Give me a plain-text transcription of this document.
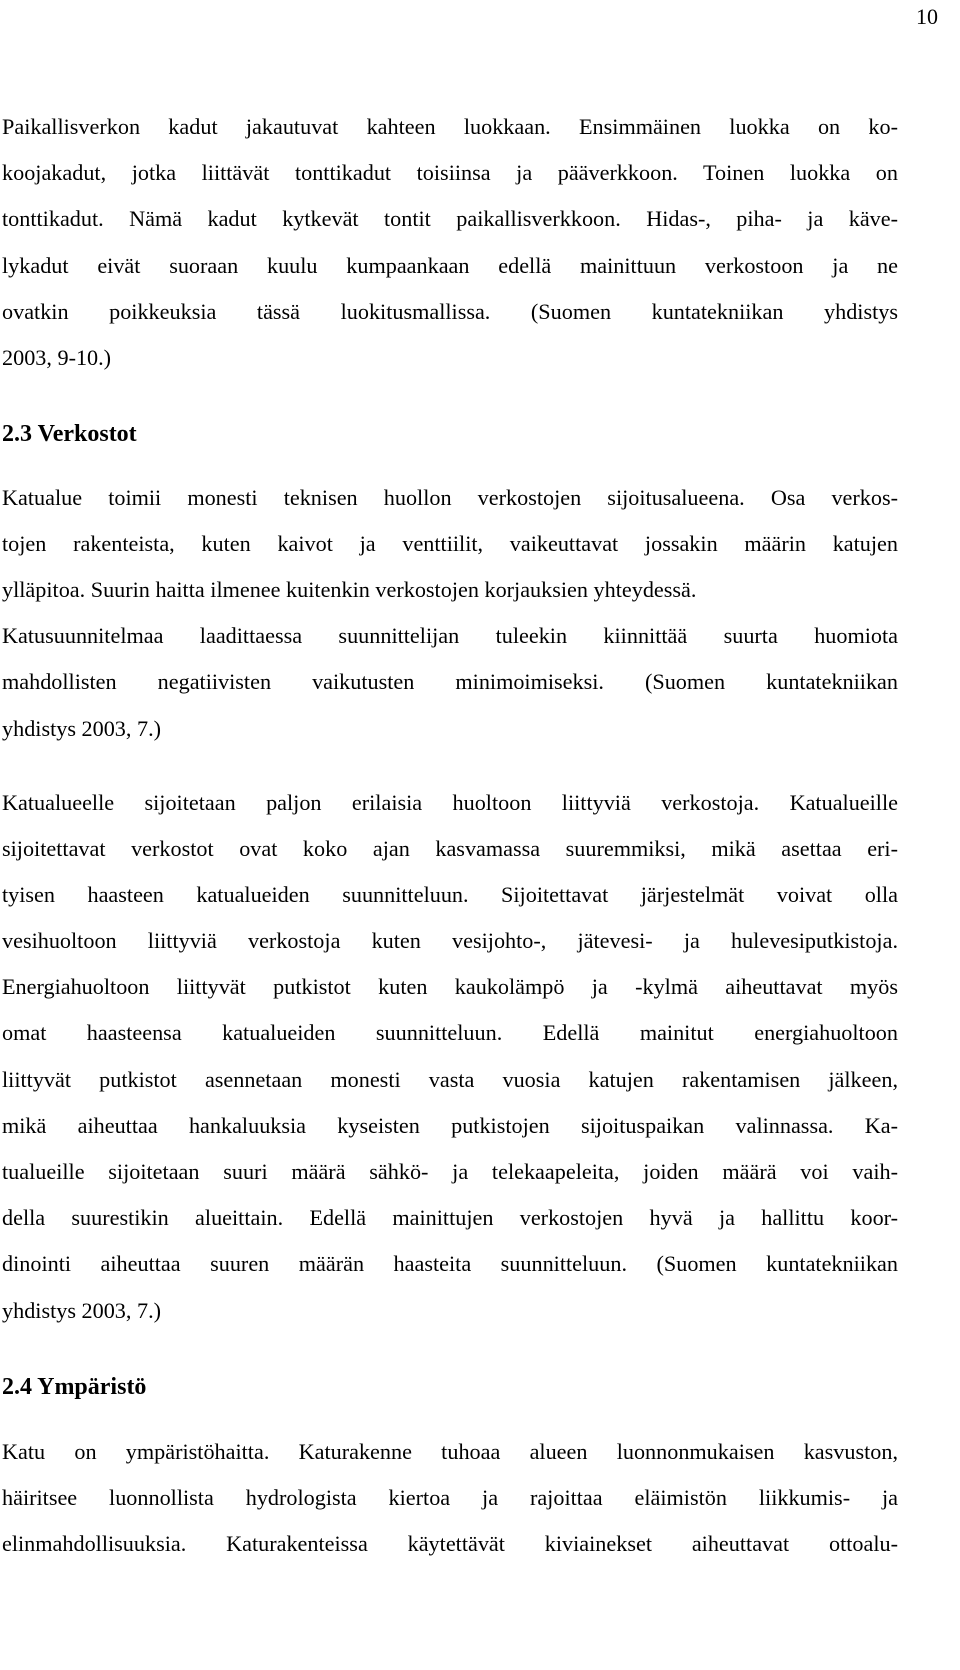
10
Paikallisverkon kadut jakautuvat kahteen luokkaan. Ensimmäinen luokka on ko-
koojakadut, jotka liittävät tonttikadut toisiinsa ja pääverkkoon. Toinen luokka on
tonttikadut. Nämä kadut kytkevät tontit paikallisverkkoon. Hidas-, piha- ja käve-
lykadut eivät suoraan kuulu kumpaankaan edellä mainittuun verkostoon ja ne
ovatkin poikkeuksia tässä luokitusmallissa. (Suomen kuntatekniikan yhdistys
2003, 9-10.)
2.3 Verkostot
Katualue toimii monesti teknisen huollon verkostojen sijoitusalueena. Osa verkos-
tojen rakenteista, kuten kaivot ja venttiilit, vaikeuttavat jossakin määrin katujen
ylläpitoa. Suurin haitta ilmenee kuitenkin verkostojen korjauksien yhteydessä.
Katusuunnitelmaa laadittaessa suunnittelijan tuleekin kiinnittää suurta huomiota
mahdollisten negatiivisten vaikutusten minimoimiseksi. (Suomen kuntatekniikan
yhdistys 2003, 7.)
Katualueelle sijoitetaan paljon erilaisia huoltoon liittyviä verkostoja. Katualueille
sijoitettavat verkostot ovat koko ajan kasvamassa suuremmiksi, mikä asettaa eri-
tyisen haasteen katualueiden suunnitteluun. Sijoitettavat järjestelmät voivat olla
vesihuoltoon liittyviä verkostoja kuten vesijohto-, jätevesi- ja hulevesiputkistoja.
Energiahuoltoon liittyvät putkistot kuten kaukolämpö ja -kylmä aiheuttavat myös
omat haasteensa katualueiden suunnitteluun. Edellä mainitut energiahuoltoon
liittyvät putkistot asennetaan monesti vasta vuosia katujen rakentamisen jälkeen,
mikä aiheuttaa hankaluuksia kyseisten putkistojen sijoituspaikan valinnassa. Ka-
tualueille sijoitetaan suuri määrä sähkö- ja telekaapeleita, joiden määrä voi vaih-
della suurestikin alueittain. Edellä mainittujen verkostojen hyvä ja hallittu koor-
dinointi aiheuttaa suuren määrän haasteita suunnitteluun. (Suomen kuntatekniikan
yhdistys 2003, 7.)
2.4 Ympäristö
Katu on ympäristöhaitta. Katurakenne tuhoaa alueen luonnonmukaisen kasvuston,
häiritsee luonnollista hydrologista kiertoa ja rajoittaa eläimistön liikkumis- ja
elinmahdollisuuksia. Katurakenteissa käytettävät kiviainekset aiheuttavat ottoalu-
